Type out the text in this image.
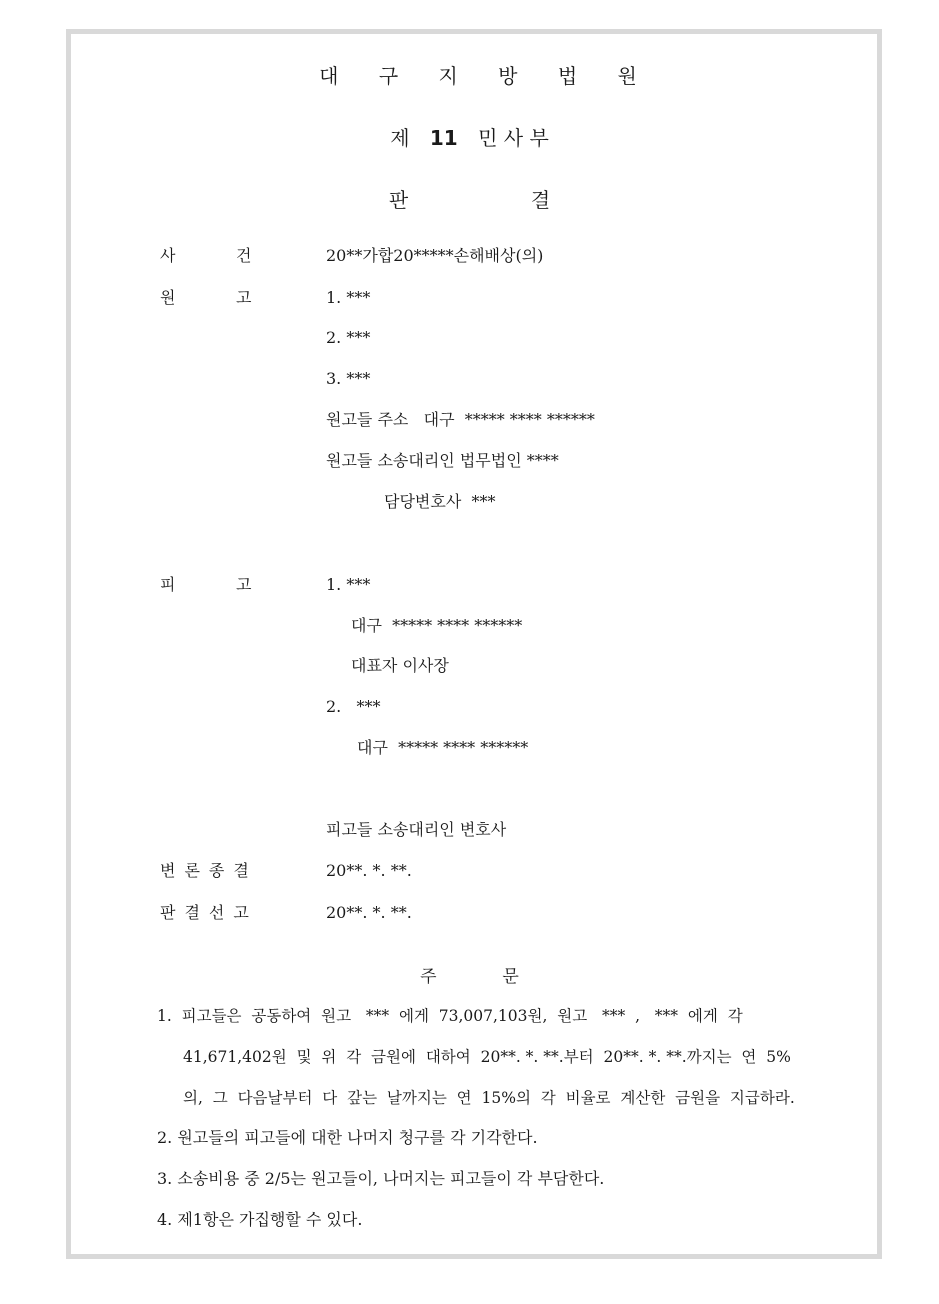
대 구 지 방 법 원
제 11 민 사 부
판	결
사	건	20**가합20*****손해배상(의)
원	고	1. ***
2. ***
3. ***
원고들 주소   대구  ***** **** ******
원고들 소송대리인 법무법인 ****
담당변호사  ***
피	고	1. ***
대구  ***** **** ******
대표자 이사장
2.   ***
대구  ***** **** ******
피고들 소송대리인 변호사
변론종결	20**. *. **.
판결선고	20**. *. **.
주	문
1.  피고들은  공동하여  원고   ***  에게  73,007,103원,  원고   ***  ,   ***  에게  각
41,671,402원  및  위  각  금원에  대하여  20**. *. **.부터  20**. *. **.까지는  연  5%
의,  그  다음날부터  다  갚는  날까지는  연  15%의  각  비율로  계산한  금원을  지급하라.
2. 원고들의 피고들에 대한 나머지 청구를 각 기각한다.
3. 소송비용 중 2/5는 원고들이, 나머지는 피고들이 각 부담한다.
4. 제1항은 가집행할 수 있다.
